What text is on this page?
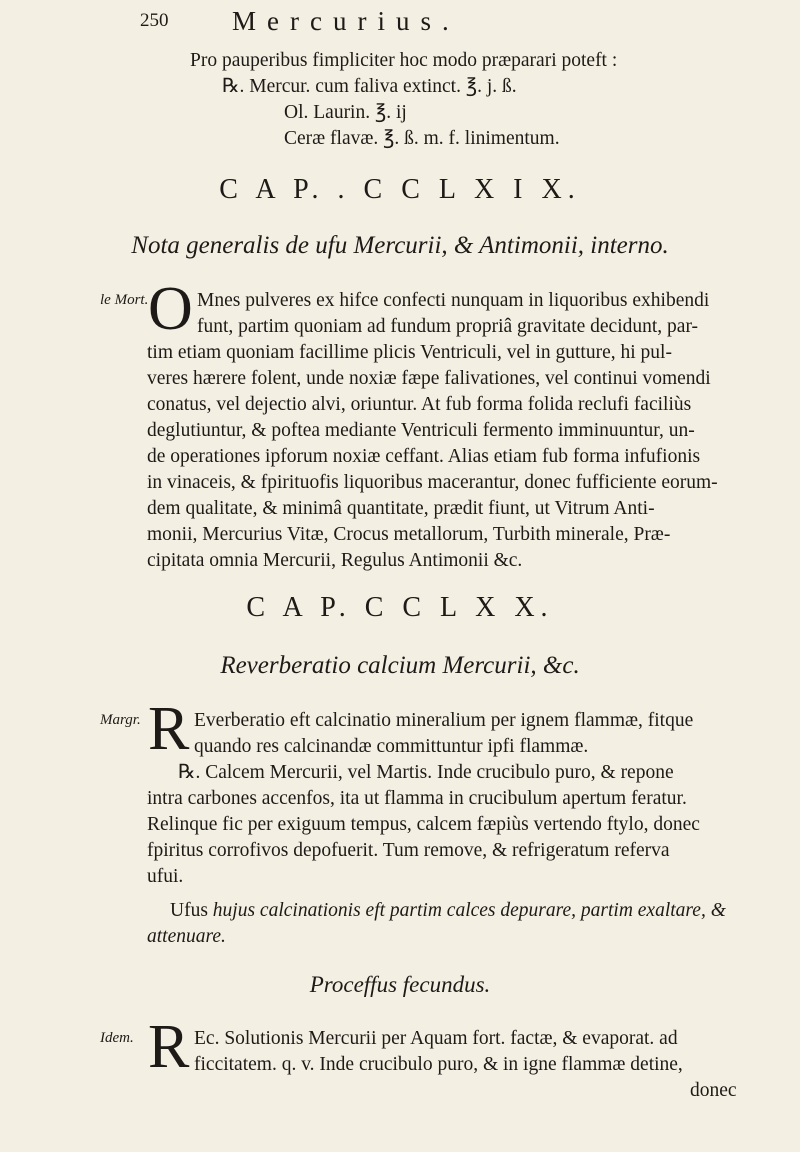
250 Mercurius.
Pro pauperibus fimpliciter hoc modo præparari poteft :
℞. Mercur. cum faliva extinct. ℥. j. ß.
Ol. Laurin. ℥. ij
Ceræ flavæ. ℥. ß. m. f. linimentum.
C A P. . C C L X I X.
Nota generalis de ufu Mercurii, & Antimonii, interno.
le Mort. O Mnes pulveres ex hifce confecti nunquam in liquoribus exhibendi
funt, partim quoniam ad fundum propriâ gravitate decidunt, par-
tim etiam quoniam facillime plicis Ventriculi, vel in gutture, hi pul-
veres hærere folent, unde noxiæ fæpe falivationes, vel continui vomendi
conatus, vel dejectio alvi, oriuntur. At fub forma folida reclufi faciliùs
deglutiuntur, & poftea mediante Ventriculi fermento imminuuntur, un-
de operationes ipforum noxiæ ceffant. Alias etiam fub forma infufionis
in vinaceis, & fpirituofis liquoribus macerantur, donec fufficiente eorum-
dem qualitate, & minimâ quantitate, prædit fiunt, ut Vitrum Anti-
monii, Mercurius Vitæ, Crocus metallorum, Turbith minerale, Præ-
cipitata omnia Mercurii, Regulus Antimonii &c.
C A P. C C L X X.
Reverberatio calcium Mercurii, &c.
Margr. R Everberatio eft calcinatio mineralium per ignem flammæ, fitque
quando res calcinandæ committuntur ipfi flammæ.
℞. Calcem Mercurii, vel Martis. Inde crucibulo puro, & repone
intra carbones accenfos, ita ut flamma in crucibulum apertum feratur.
Relinque fic per exiguum tempus, calcem fæpiùs vertendo ftylo, donec
fpiritus corrofivos depofuerit. Tum remove, & refrigeratum referva
ufui.
Ufus hujus calcinationis eft partim calces depurare, partim exaltare, &
attenuare.
Proceffus fecundus.
Idem. R Ec. Solutionis Mercurii per Aquam fort. factæ, & evaporat. ad
ficcitatem. q. v. Inde crucibulo puro, & in igne flammæ detine,
donec
